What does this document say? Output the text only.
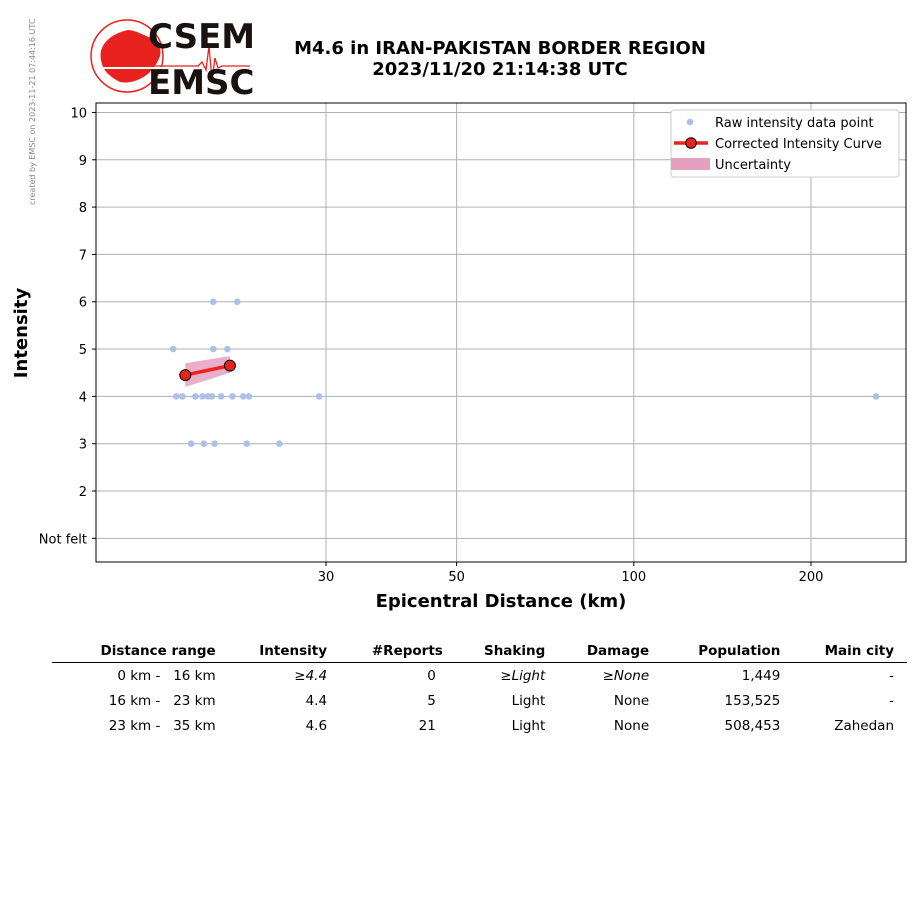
created by EMSC on 2023-11-21 07:44:16 UTC	CSEM
EMSC
M4.6 in IRAN-PAKISTAN BORDER REGION
2023/11/20 21:14:38 UTC
30	50	100	200
Not felt
2
3
4
5
6
7
8
9
10
Epicentral Distance (km)
Intensity
Raw intensity data point
Corrected Intensity Curve
Uncertainty
Distance range	Intensity	#Reports	Shaking	Damage	Population	Main city
0 km -   16 km	≥4.4	0	≥Light	≥None	1,449	-
16 km -   23 km	4.4	5	Light	None	153,525	-
23 km -   35 km	4.6	21	Light	None	508,453	Zahedan
